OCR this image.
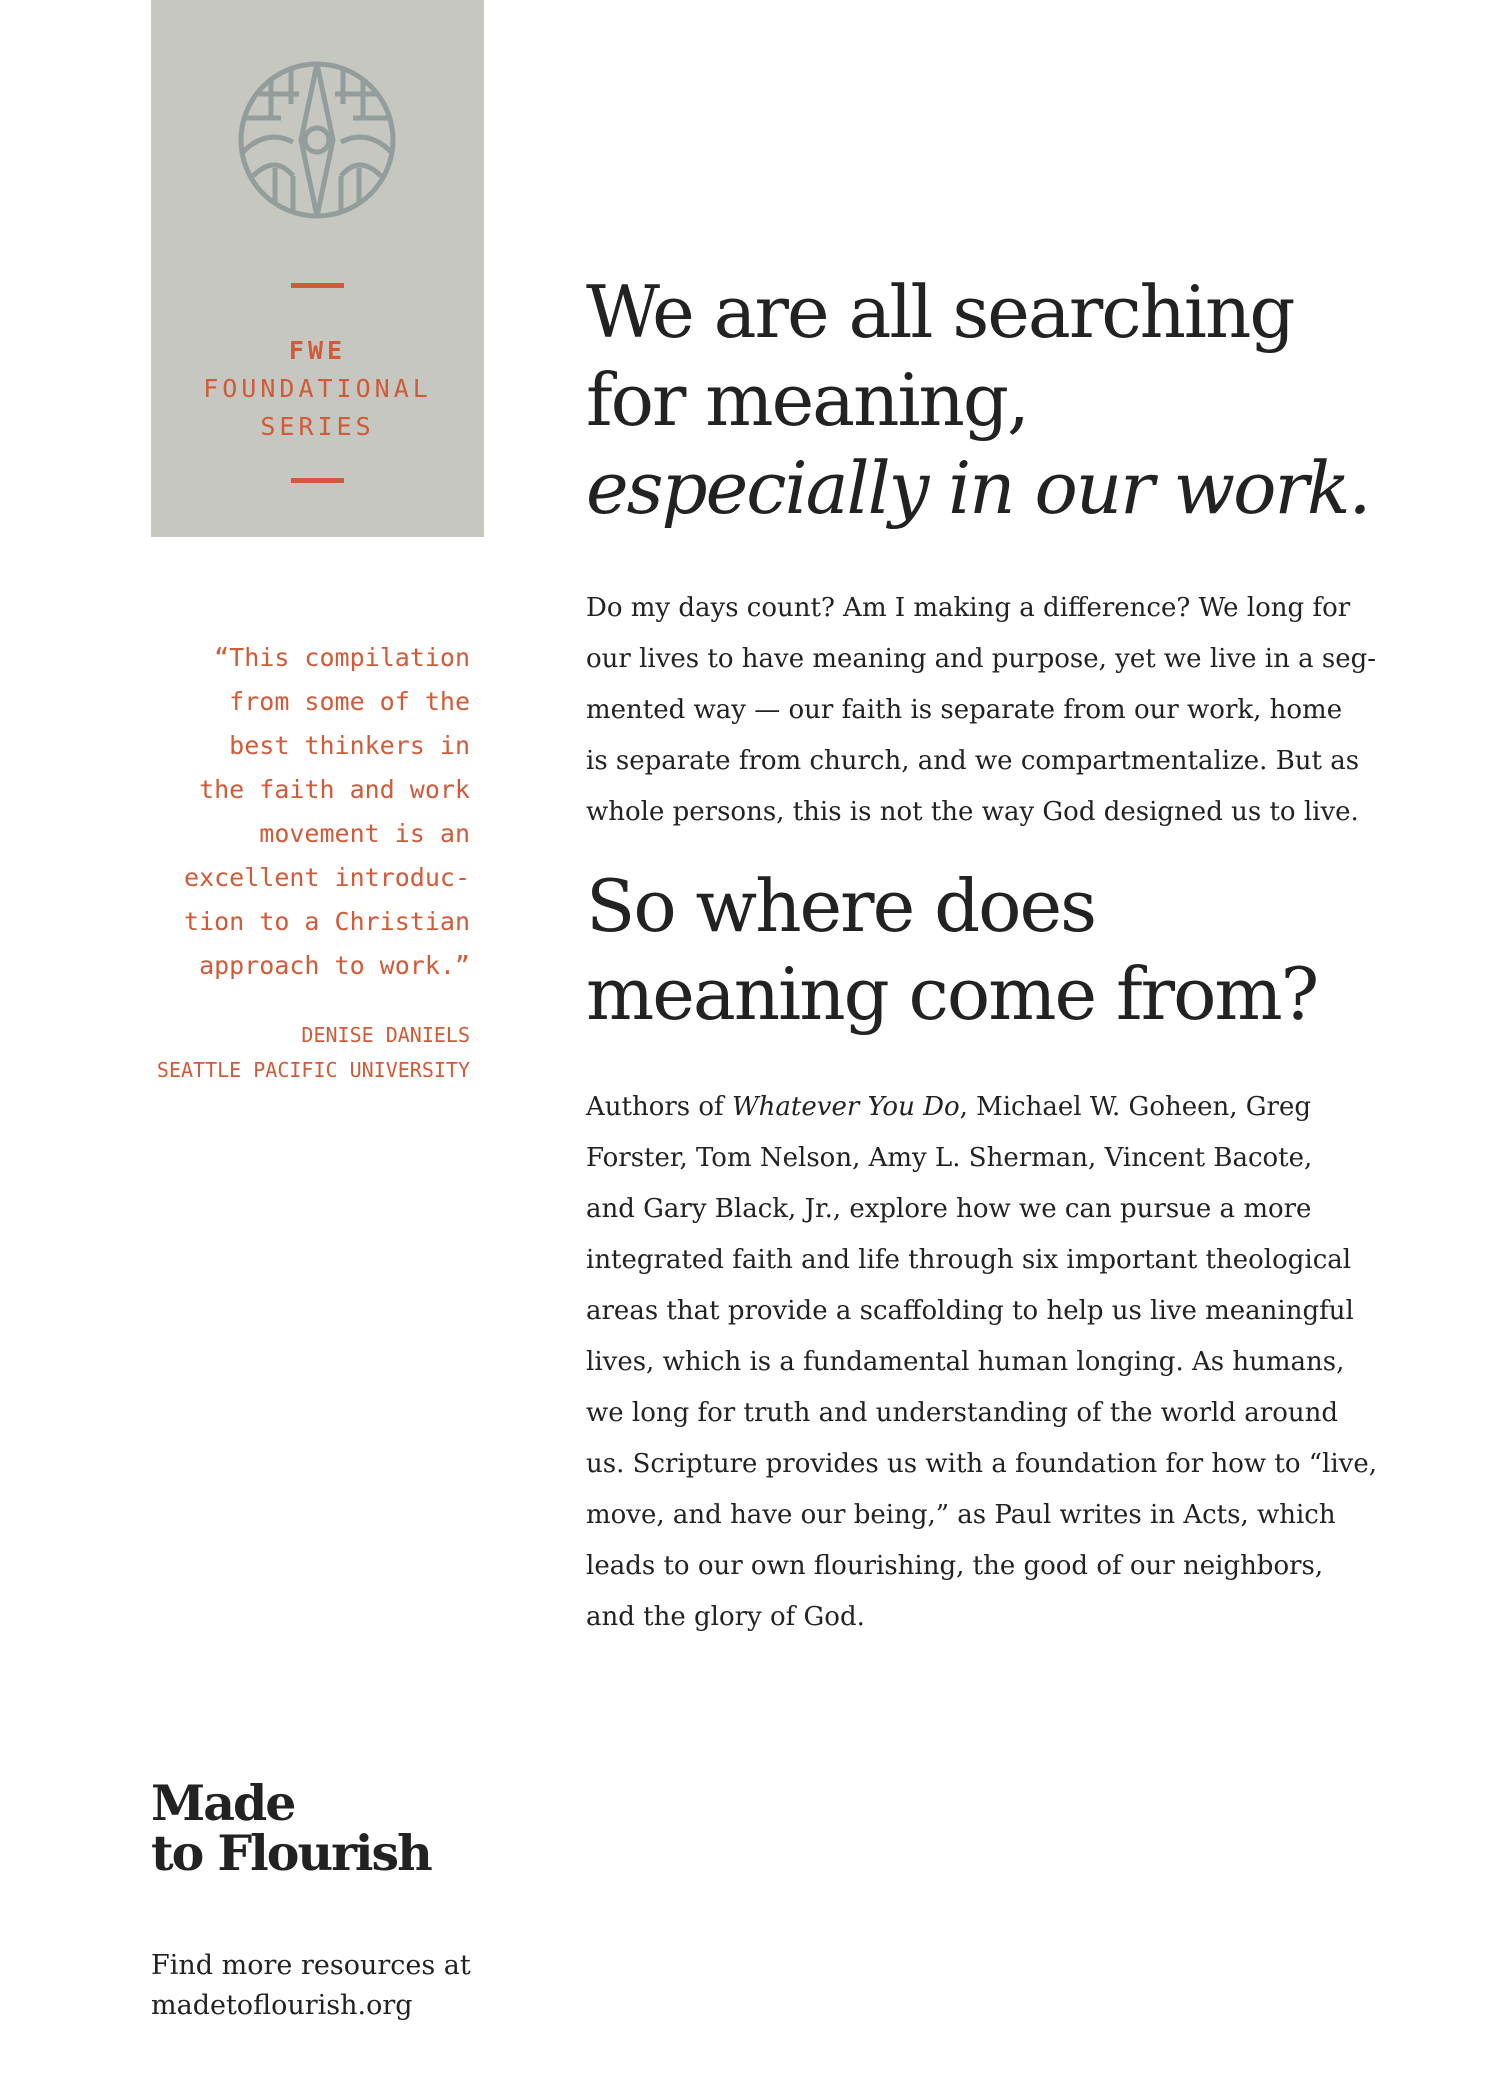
FWE
FOUNDATIONAL
SERIES
“This compilation
from some of the
best thinkers in
the faith and work
movement is an
excellent introduc-
tion to a Christian
approach to work.”
DENISE DANIELS
SEATTLE PACIFIC UNIVERSITY
We are all searching
for meaning,
especially in our work.
Do my days count? Am I making a difference? We long for
our lives to have meaning and purpose, yet we live in a seg-
mented way — our faith is separate from our work, home
is separate from church, and we compartmentalize. But as
whole persons, this is not the way God designed us to live.
So where does
meaning come from?
Authors of Whatever You Do, Michael W. Goheen, Greg
Forster, Tom Nelson, Amy L. Sherman, Vincent Bacote,
and Gary Black, Jr., explore how we can pursue a more
integrated faith and life through six important theological
areas that provide a scaffolding to help us live meaningful
lives, which is a fundamental human longing. As humans,
we long for truth and understanding of the world around
us. Scripture provides us with a foundation for how to “live,
move, and have our being,” as Paul writes in Acts, which
leads to our own flourishing, the good of our neighbors,
and the glory of God.
Made
to Flourish
Find more resources at
madetoflourish.org
